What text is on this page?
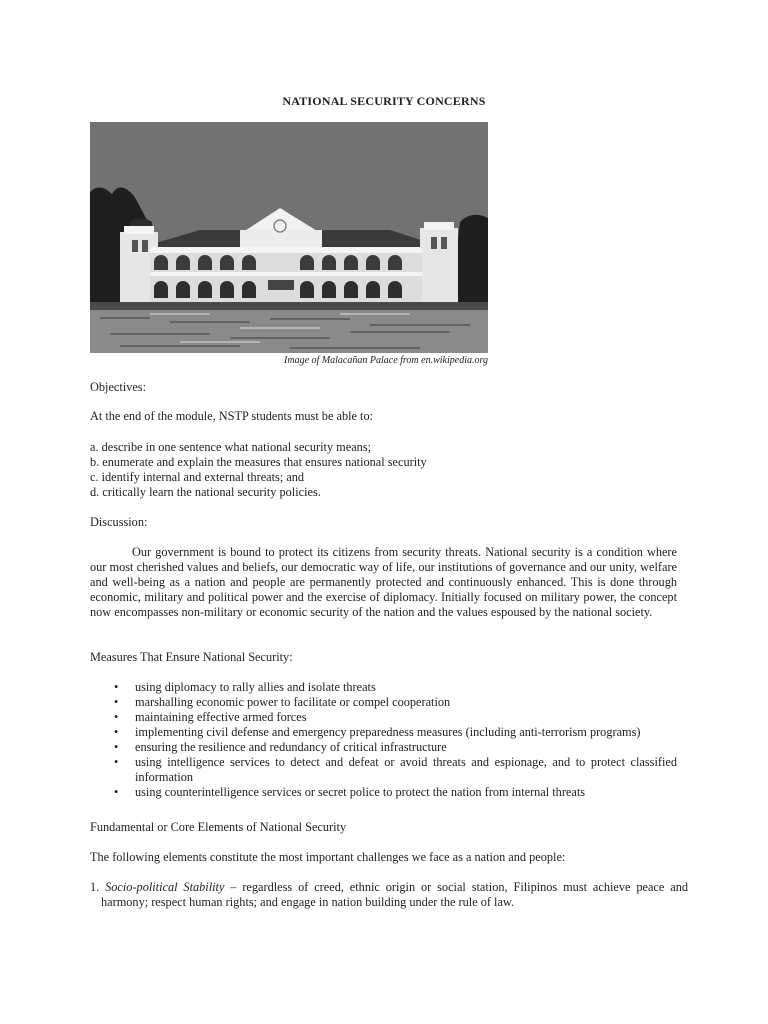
NATIONAL SECURITY CONCERNS
Image of Malacañan Palace from en.wikipedia.org

Objectives:

At the end of the module, NSTP students must be able to:

a. describe in one sentence what national security means;

b. enumerate and explain the measures that ensures national security

c. identify internal and external threats; and

d. critically learn the national security policies.

Discussion:

Our government is bound to protect its citizens from security threats. National security is a condition where our most cherished values and beliefs, our democratic way of life, our institutions of governance and our unity, welfare and well-being as a nation and people are permanently protected and continuously enhanced. This is done through economic, military and political power and the exercise of diplomacy. Initially focused on military power, the concept now encompasses non-military or economic security of the nation and the values espoused by the national society.

Measures That Ensure National Security:

• using diplomacy to rally allies and isolate threats
• marshalling economic power to facilitate or compel cooperation
• maintaining effective armed forces
• implementing civil defense and emergency preparedness measures (including anti-terrorism programs)
• ensuring the resilience and redundancy of critical infrastructure
• using intelligence services to detect and defeat or avoid threats and espionage, and to protect classified information
• using counterintelligence services or secret police to protect the nation from internal threats

Fundamental or Core Elements of National Security

The following elements constitute the most important challenges we face as a nation and people:

1. Socio-political Stability – regardless of creed, ethnic origin or social station, Filipinos must achieve peace and harmony; respect human rights; and engage in nation building under the rule of law.
